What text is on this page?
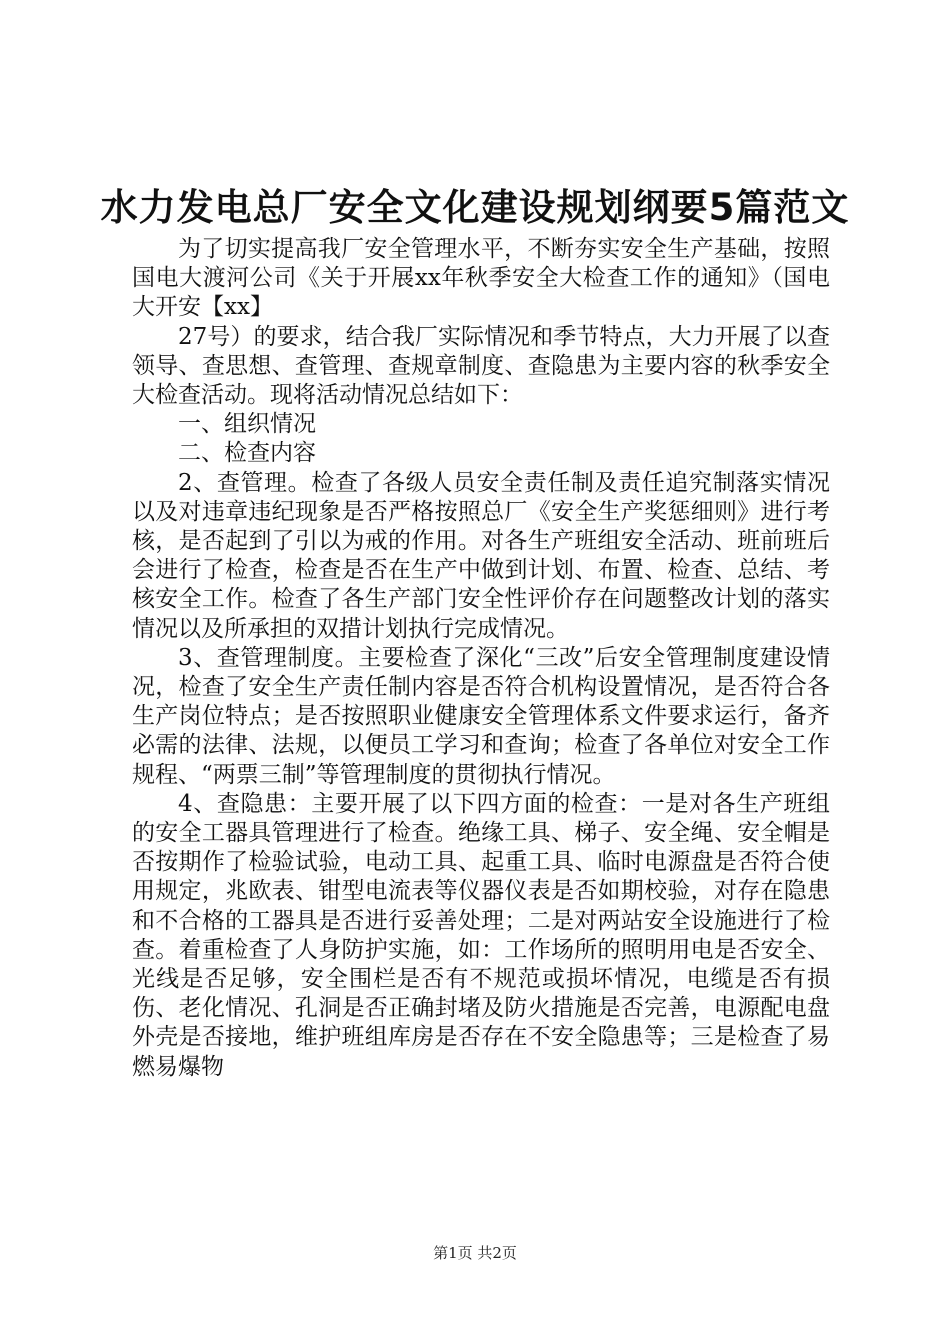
水力发电总厂安全文化建设规划纲要5篇范文

为了切实提高我厂安全管理水平，不断夯实安全生产基础，按照国电大渡河公司《关于开展xx年秋季安全大检查工作的通知》（国电大开安【xx】

27号）的要求，结合我厂实际情况和季节特点，大力开展了以查领导、查思想、查管理、查规章制度、查隐患为主要内容的秋季安全大检查活动。现将活动情况总结如下：

一、组织情况

二、检查内容

2、查管理。检查了各级人员安全责任制及责任追究制落实情况以及对违章违纪现象是否严格按照总厂《安全生产奖惩细则》进行考核，是否起到了引以为戒的作用。对各生产班组安全活动、班前班后会进行了检查，检查是否在生产中做到计划、布置、检查、总结、考核安全工作。检查了各生产部门安全性评价存在问题整改计划的落实情况以及所承担的双措计划执行完成情况。

3、查管理制度。主要检查了深化“三改”后安全管理制度建设情况，检查了安全生产责任制内容是否符合机构设置情况，是否符合各生产岗位特点；是否按照职业健康安全管理体系文件要求运行，备齐必需的法律、法规，以便员工学习和查询；检查了各单位对安全工作规程、“两票三制”等管理制度的贯彻执行情况。

4、查隐患：主要开展了以下四方面的检查：一是对各生产班组的安全工器具管理进行了检查。绝缘工具、梯子、安全绳、安全帽是否按期作了检验试验，电动工具、起重工具、临时电源盘是否符合使用规定，兆欧表、钳型电流表等仪器仪表是否如期校验，对存在隐患和不合格的工器具是否进行妥善处理；二是对两站安全设施进行了检查。着重检查了人身防护实施，如：工作场所的照明用电是否安全、光线是否足够，安全围栏是否有不规范或损坏情况，电缆是否有损伤、老化情况、孔洞是否正确封堵及防火措施是否完善，电源配电盘外壳是否接地，维护班组库房是否存在不安全隐患等；三是检查了易燃易爆物

第1页 共2页
